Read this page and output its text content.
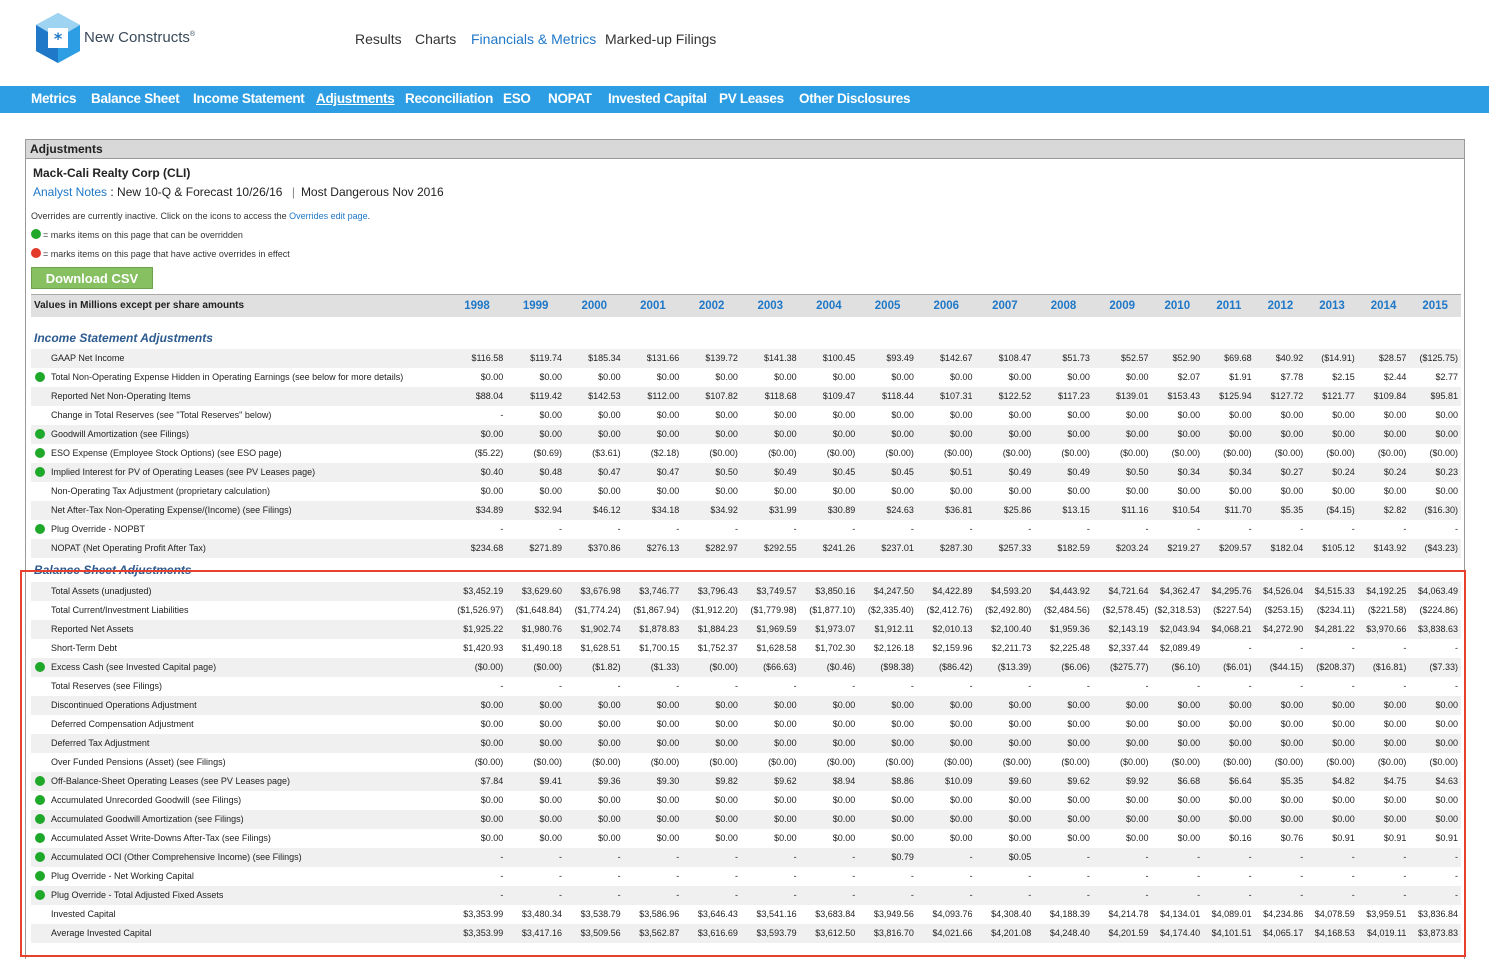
* New Constructs®	Results Charts Financials & Metrics Marked-up Filings
Metrics Balance Sheet Income Statement Adjustments Reconciliation ESO NOPAT Invested Capital PV Leases Other Disclosures
Adjustments
Mack-Cali Realty Corp (CLI)
Analyst Notes : New 10-Q & Forecast 10/26/16 | Most Dangerous Nov 2016
Overrides are currently inactive. Click on the icons to access the Overrides edit page.
= marks items on this page that can be overridden
= marks items on this page that have active overrides in effect
Download CSV
Values in Millions except per share amounts	1998	1999	2000	2001	2002	2003	2004	2005	2006	2007	2008	2009	2010	2011	2012	2013	2014	2015
Income Statement Adjustments																		
GAAP Net Income	$116.58	$119.74	$185.34	$131.66	$139.72	$141.38	$100.45	$93.49	$142.67	$108.47	$51.73	$52.57	$52.90	$69.68	$40.92	($14.91)	$28.57	($125.75)

Total Non-Operating Expense Hidden in Operating Earnings (see below for more details)	$0.00	$0.00	$0.00	$0.00	$0.00	$0.00	$0.00	$0.00	$0.00	$0.00	$0.00	$0.00	$2.07	$1.91	$7.78	$2.15	$2.44	$2.77
Reported Net Non-Operating Items	$88.04	$119.42	$142.53	$112.00	$107.82	$118.68	$109.47	$118.44	$107.31	$122.52	$117.23	$139.01	$153.43	$125.94	$127.72	$121.77	$109.84	$95.81
Change in Total Reserves (see "Total Reserves" below)	-	$0.00	$0.00	$0.00	$0.00	$0.00	$0.00	$0.00	$0.00	$0.00	$0.00	$0.00	$0.00	$0.00	$0.00	$0.00	$0.00	$0.00

Goodwill Amortization (see Filings)	$0.00	$0.00	$0.00	$0.00	$0.00	$0.00	$0.00	$0.00	$0.00	$0.00	$0.00	$0.00	$0.00	$0.00	$0.00	$0.00	$0.00	$0.00

ESO Expense (Employee Stock Options) (see ESO page)	($5.22)	($0.69)	($3.61)	($2.18)	($0.00)	($0.00)	($0.00)	($0.00)	($0.00)	($0.00)	($0.00)	($0.00)	($0.00)	($0.00)	($0.00)	($0.00)	($0.00)	($0.00)

Implied Interest for PV of Operating Leases (see PV Leases page)	$0.40	$0.48	$0.47	$0.47	$0.50	$0.49	$0.45	$0.45	$0.51	$0.49	$0.49	$0.50	$0.34	$0.34	$0.27	$0.24	$0.24	$0.23
Non-Operating Tax Adjustment (proprietary calculation)	$0.00	$0.00	$0.00	$0.00	$0.00	$0.00	$0.00	$0.00	$0.00	$0.00	$0.00	$0.00	$0.00	$0.00	$0.00	$0.00	$0.00	$0.00
Net After-Tax Non-Operating Expense/(Income) (see Filings)	$34.89	$32.94	$46.12	$34.18	$34.92	$31.99	$30.89	$24.63	$36.81	$25.86	$13.15	$11.16	$10.54	$11.70	$5.35	($4.15)	$2.82	($16.30)

Plug Override - NOPBT	-	-	-	-	-	-	-	-	-	-	-	-	-	-	-	-	-	-
NOPAT (Net Operating Profit After Tax)	$234.68	$271.89	$370.86	$276.13	$282.97	$292.55	$241.26	$237.01	$287.30	$257.33	$182.59	$203.24	$219.27	$209.57	$182.04	$105.12	$143.92	($43.23)
Balance Sheet Adjustments																		
Total Assets (unadjusted)	$3,452.19	$3,629.60	$3,676.98	$3,746.77	$3,796.43	$3,749.57	$3,850.16	$4,247.50	$4,422.89	$4,593.20	$4,443.92	$4,721.64	$4,362.47	$4,295.76	$4,526.04	$4,515.33	$4,192.25	$4,063.49
Total Current/Investment Liabilities	($1,526.97)	($1,648.84)	($1,774.24)	($1,867.94)	($1,912.20)	($1,779.98)	($1,877.10)	($2,335.40)	($2,412.76)	($2,492.80)	($2,484.56)	($2,578.45)	($2,318.53)	($227.54)	($253.15)	($234.11)	($221.58)	($224.86)
Reported Net Assets	$1,925.22	$1,980.76	$1,902.74	$1,878.83	$1,884.23	$1,969.59	$1,973.07	$1,912.11	$2,010.13	$2,100.40	$1,959.36	$2,143.19	$2,043.94	$4,068.21	$4,272.90	$4,281.22	$3,970.66	$3,838.63
Short-Term Debt	$1,420.93	$1,490.18	$1,628.51	$1,700.15	$1,752.37	$1,628.58	$1,702.30	$2,126.18	$2,159.96	$2,211.73	$2,225.48	$2,337.44	$2,089.49	-	-	-	-	-

Excess Cash (see Invested Capital page)	($0.00)	($0.00)	($1.82)	($1.33)	($0.00)	($66.63)	($0.46)	($98.38)	($86.42)	($13.39)	($6.06)	($275.77)	($6.10)	($6.01)	($44.15)	($208.37)	($16.81)	($7.33)
Total Reserves (see Filings)	-	-	-	-	-	-	-	-	-	-	-	-	-	-	-	-	-	-
Discontinued Operations Adjustment	$0.00	$0.00	$0.00	$0.00	$0.00	$0.00	$0.00	$0.00	$0.00	$0.00	$0.00	$0.00	$0.00	$0.00	$0.00	$0.00	$0.00	$0.00
Deferred Compensation Adjustment	$0.00	$0.00	$0.00	$0.00	$0.00	$0.00	$0.00	$0.00	$0.00	$0.00	$0.00	$0.00	$0.00	$0.00	$0.00	$0.00	$0.00	$0.00
Deferred Tax Adjustment	$0.00	$0.00	$0.00	$0.00	$0.00	$0.00	$0.00	$0.00	$0.00	$0.00	$0.00	$0.00	$0.00	$0.00	$0.00	$0.00	$0.00	$0.00
Over Funded Pensions (Asset) (see Filings)	($0.00)	($0.00)	($0.00)	($0.00)	($0.00)	($0.00)	($0.00)	($0.00)	($0.00)	($0.00)	($0.00)	($0.00)	($0.00)	($0.00)	($0.00)	($0.00)	($0.00)	($0.00)

Off-Balance-Sheet Operating Leases (see PV Leases page)	$7.84	$9.41	$9.36	$9.30	$9.82	$9.62	$8.94	$8.86	$10.09	$9.60	$9.62	$9.92	$6.68	$6.64	$5.35	$4.82	$4.75	$4.63

Accumulated Unrecorded Goodwill (see Filings)	$0.00	$0.00	$0.00	$0.00	$0.00	$0.00	$0.00	$0.00	$0.00	$0.00	$0.00	$0.00	$0.00	$0.00	$0.00	$0.00	$0.00	$0.00

Accumulated Goodwill Amortization (see Filings)	$0.00	$0.00	$0.00	$0.00	$0.00	$0.00	$0.00	$0.00	$0.00	$0.00	$0.00	$0.00	$0.00	$0.00	$0.00	$0.00	$0.00	$0.00

Accumulated Asset Write-Downs After-Tax (see Filings)	$0.00	$0.00	$0.00	$0.00	$0.00	$0.00	$0.00	$0.00	$0.00	$0.00	$0.00	$0.00	$0.00	$0.16	$0.76	$0.91	$0.91	$0.91

Accumulated OCI (Other Comprehensive Income) (see Filings)	-	-	-	-	-	-	-	$0.79	-	$0.05	-	-	-	-	-	-	-	-

Plug Override - Net Working Capital	-	-	-	-	-	-	-	-	-	-	-	-	-	-	-	-	-	-

Plug Override - Total Adjusted Fixed Assets	-	-	-	-	-	-	-	-	-	-	-	-	-	-	-	-	-	-
Invested Capital	$3,353.99	$3,480.34	$3,538.79	$3,586.96	$3,646.43	$3,541.16	$3,683.84	$3,949.56	$4,093.76	$4,308.40	$4,188.39	$4,214.78	$4,134.01	$4,089.01	$4,234.86	$4,078.59	$3,959.51	$3,836.84
Average Invested Capital	$3,353.99	$3,417.16	$3,509.56	$3,562.87	$3,616.69	$3,593.79	$3,612.50	$3,816.70	$4,021.66	$4,201.08	$4,248.40	$4,201.59	$4,174.40	$4,101.51	$4,065.17	$4,168.53	$4,019.11	$3,873.83
